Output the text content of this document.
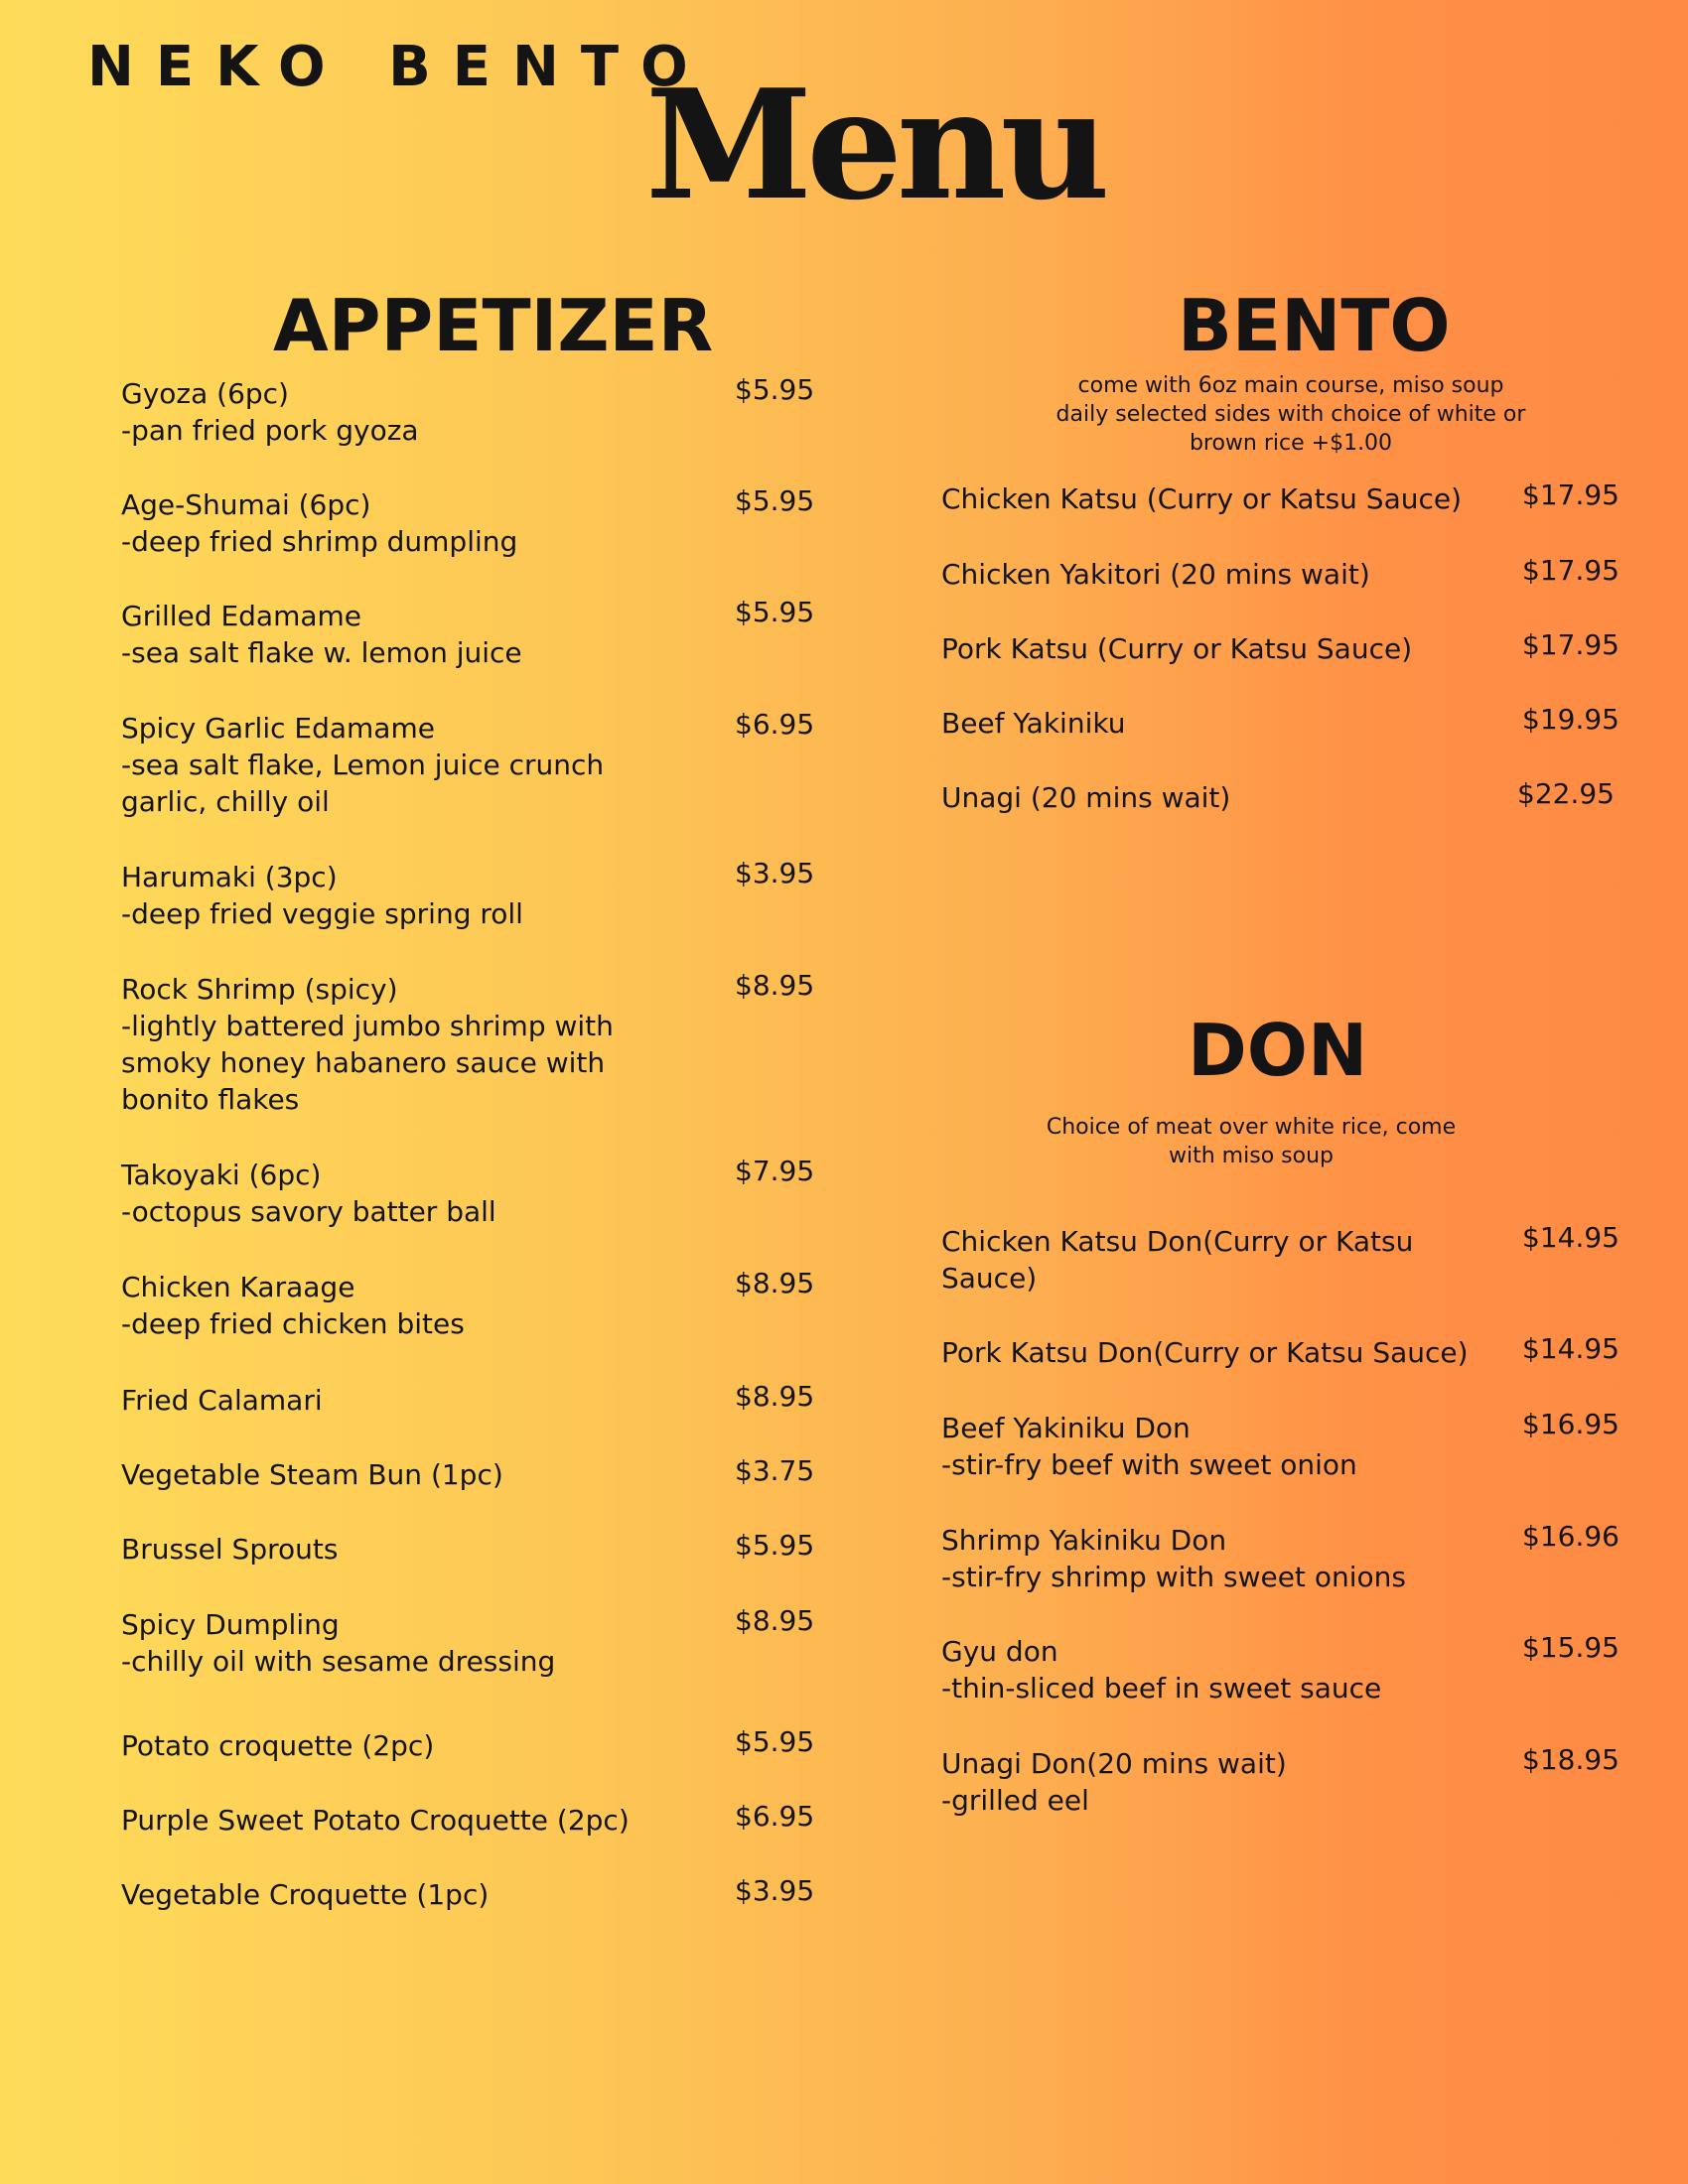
NEKO BENTO
Menu
APPETIZER
Gyoza (6pc)
-pan fried pork gyoza
$5.95
Age-Shumai (6pc)
-deep fried shrimp dumpling
$5.95
Grilled Edamame
-sea salt flake w. lemon juice
$5.95
Spicy Garlic Edamame
-sea salt flake, Lemon juice crunch garlic, chilly oil
$6.95
Harumaki (3pc)
-deep fried veggie spring roll
$3.95
Rock Shrimp (spicy)
-lightly battered jumbo shrimp with smoky honey habanero sauce with bonito flakes
$8.95
Takoyaki (6pc)
-octopus savory batter ball
$7.95
Chicken Karaage
-deep fried chicken bites
$8.95
Fried Calamari	$8.95
Vegetable Steam Bun (1pc)	$3.75
Brussel Sprouts	$5.95
Spicy Dumpling
-chilly oil with sesame dressing
$8.95
Potato croquette (2pc)	$5.95
Purple Sweet Potato Croquette (2pc)	$6.95
Vegetable Croquette (1pc)	$3.95
BENTO

come with 6oz main course, miso soup daily selected sides with choice of white or brown rice +$1.00

Chicken Katsu (Curry or Katsu Sauce)	$17.95
Chicken Yakitori (20 mins wait)	$17.95
Pork Katsu (Curry or Katsu Sauce)	$17.95
Beef Yakiniku	$19.95
Unagi (20 mins wait)	$22.95
DON

Choice of meat over white rice, come with miso soup

Chicken Katsu Don(Curry or Katsu Sauce)
$14.95
Pork Katsu Don(Curry or Katsu Sauce)	$14.95
Beef Yakiniku Don
-stir-fry beef with sweet onion
$16.95
Shrimp Yakiniku Don
-stir-fry shrimp with sweet onions
$16.96
Gyu don
-thin-sliced beef in sweet sauce
$15.95
Unagi Don(20 mins wait)
-grilled eel
$18.95
